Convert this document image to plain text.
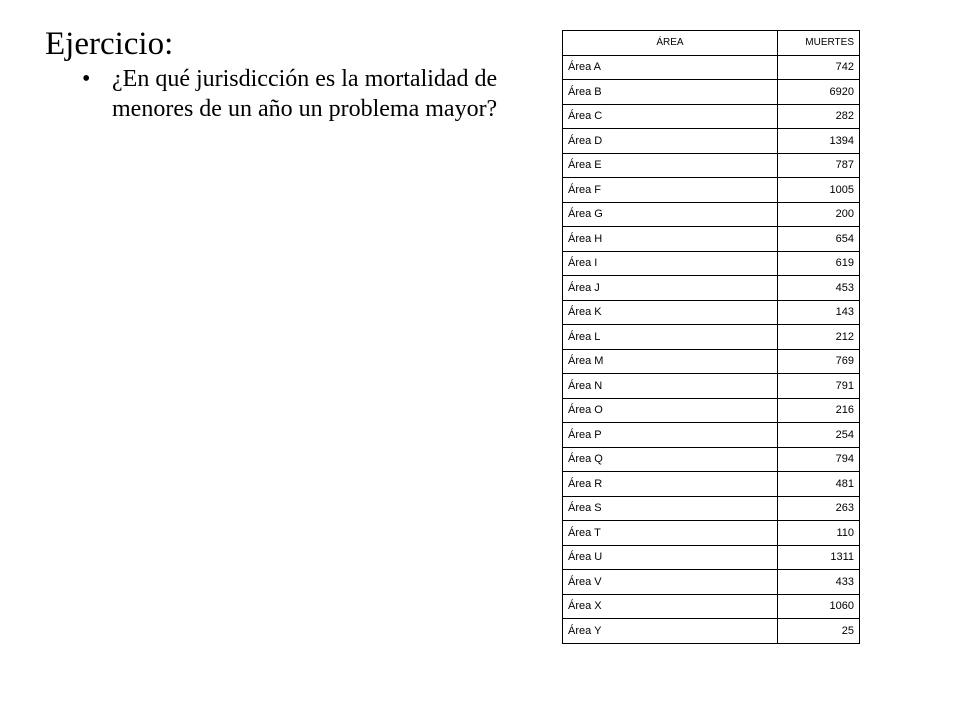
Ejercicio:
• ¿En qué jurisdicción es la mortalidad de menores de un año un problema mayor?
ÁREA	MUERTES
Área A	742
Área B	6920
Área C	282
Área D	1394
Área E	787
Área F	1005
Área G	200
Área H	654
Área I	619
Área J	453
Área K	143
Área L	212
Área M	769
Área N	791
Área O	216
Área P	254
Área Q	794
Área R	481
Área S	263
Área T	110
Área U	1311
Área V	433
Área X	1060
Área Y	25
